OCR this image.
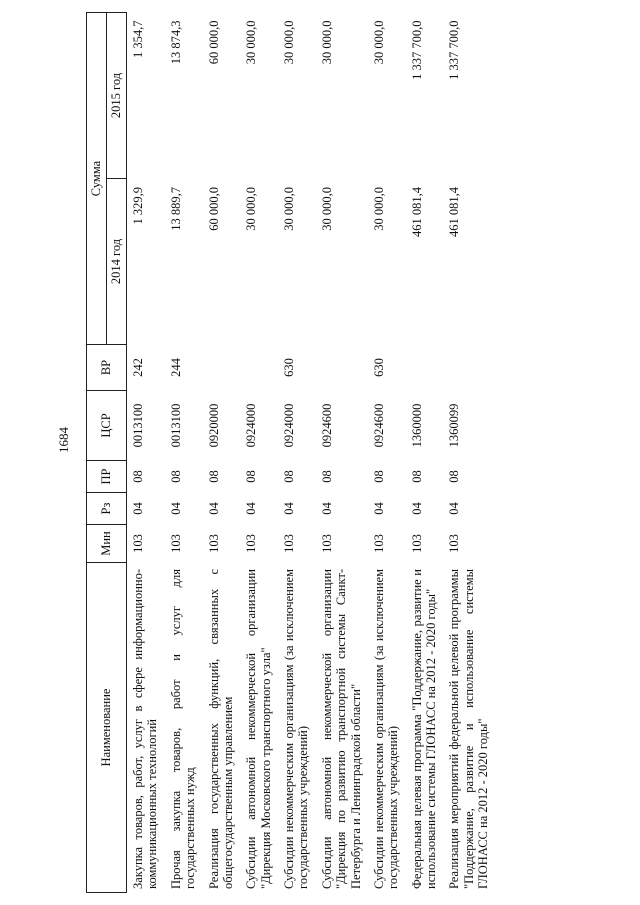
1684
Наименование	Мин	Рз	ПР	ЦСР	ВР	Сумма	
						2014 год	2015 год
Закупка товаров, работ, услуг в сфере информационно-коммуникационных технологий	103	04	08	0013100	242	1 329,9	1 354,7
Прочая закупка товаров, работ и услуг для государственных нужд	103	04	08	0013100	244	13 889,7	13 874,3
Реализация государственных функций, связанных с общегосударственным управлением	103	04	08	0920000		60 000,0	60 000,0
Субсидии автономной некоммерческой организации "Дирекция Московского транспортного узла"	103	04	08	0924000		30 000,0	30 000,0
Субсидии некоммерческим организациям (за исключением государственных учреждений)	103	04	08	0924000	630	30 000,0	30 000,0
Субсидии автономной некоммерческой организации "Дирекция по развитию транспортной системы Санкт-Петербурга и Ленинградской области"	103	04	08	0924600		30 000,0	30 000,0
Субсидии некоммерческим организациям (за исключением государственных учреждений)	103	04	08	0924600	630	30 000,0	30 000,0
Федеральная целевая программа "Поддержание, развитие и использование системы ГЛОНАСС на 2012 - 2020 годы"	103	04	08	1360000		461 081,4	1 337 700,0
Реализация мероприятий федеральной целевой программы "Поддержание, развитие и использование системы ГЛОНАСС на 2012 - 2020 годы"	103	04	08	1360099		461 081,4	1 337 700,0
